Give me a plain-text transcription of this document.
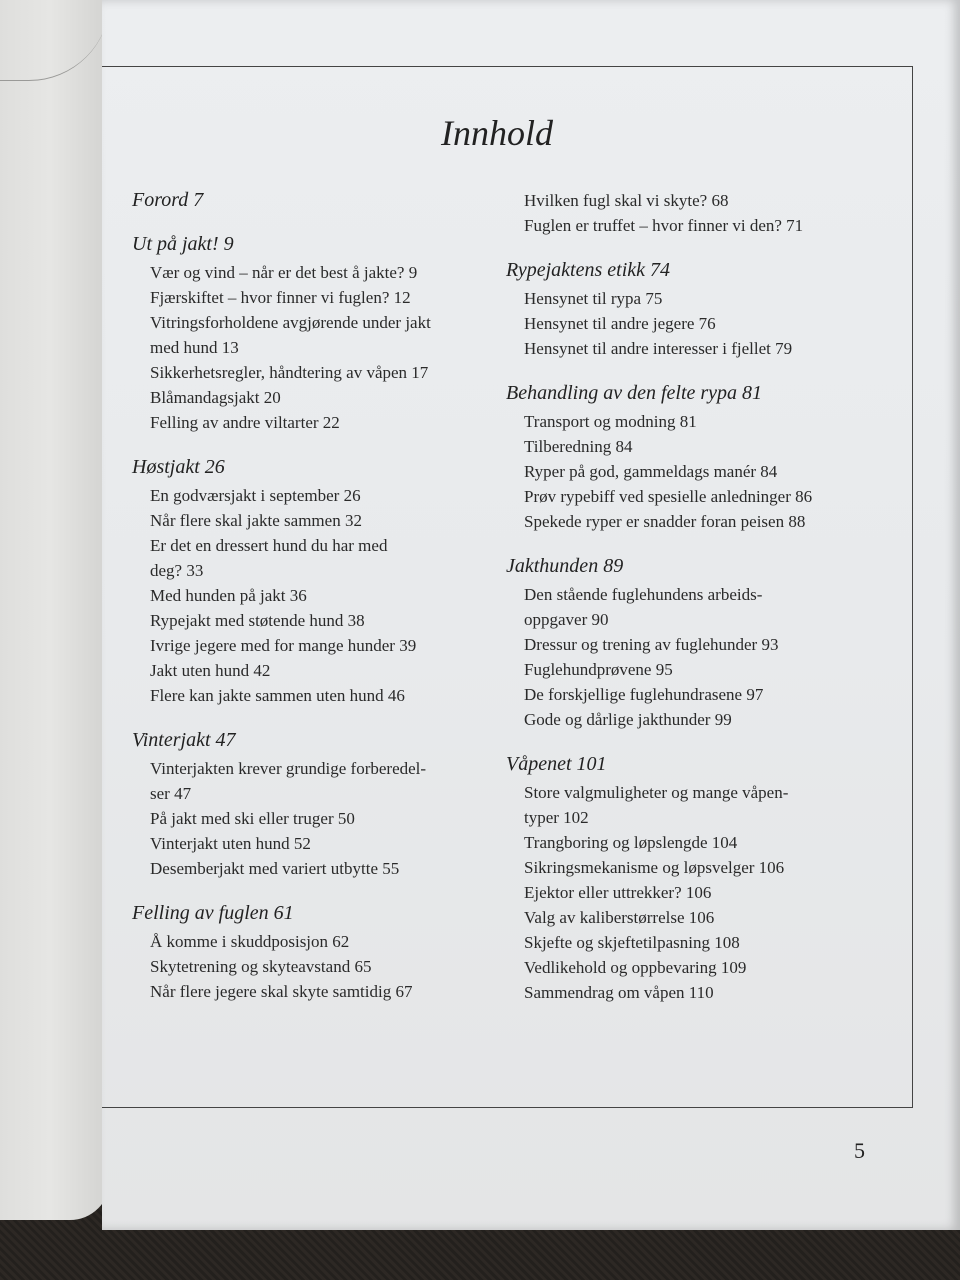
Innhold
Forord 7
Ut på jakt! 9
Vær og vind – når er det best å jakte? 9
Fjærskiftet – hvor finner vi fuglen? 12
Vitringsforholdene avgjørende under jakt
med hund 13
Sikkerhetsregler, håndtering av våpen 17
Blåmandagsjakt 20
Felling av andre viltarter 22
Høstjakt 26
En godværsjakt i september 26
Når flere skal jakte sammen 32
Er det en dressert hund du har med
deg? 33
Med hunden på jakt 36
Rypejakt med støtende hund 38
Ivrige jegere med for mange hunder 39
Jakt uten hund 42
Flere kan jakte sammen uten hund 46
Vinterjakt 47
Vinterjakten krever grundige forberedel-
ser 47
På jakt med ski eller truger 50
Vinterjakt uten hund 52
Desemberjakt med variert utbytte 55
Felling av fuglen 61
Å komme i skuddposisjon 62
Skytetrening og skyteavstand 65
Når flere jegere skal skyte samtidig 67
Hvilken fugl skal vi skyte? 68
Fuglen er truffet – hvor finner vi den? 71
Rypejaktens etikk 74
Hensynet til rypa 75
Hensynet til andre jegere 76
Hensynet til andre interesser i fjellet 79
Behandling av den felte rypa 81
Transport og modning 81
Tilberedning 84
Ryper på god, gammeldags manér 84
Prøv rypebiff ved spesielle anledninger 86
Spekede ryper er snadder foran peisen 88
Jakthunden 89
Den stående fuglehundens arbeids-
oppgaver 90
Dressur og trening av fuglehunder 93
Fuglehundprøvene 95
De forskjellige fuglehundrasene 97
Gode og dårlige jakthunder 99
Våpenet 101
Store valgmuligheter og mange våpen-
typer 102
Trangboring og løpslengde 104
Sikringsmekanisme og løpsvelger 106
Ejektor eller uttrekker? 106
Valg av kaliberstørrelse 106
Skjefte og skjeftetilpasning 108
Vedlikehold og oppbevaring 109
Sammendrag om våpen 110
5
